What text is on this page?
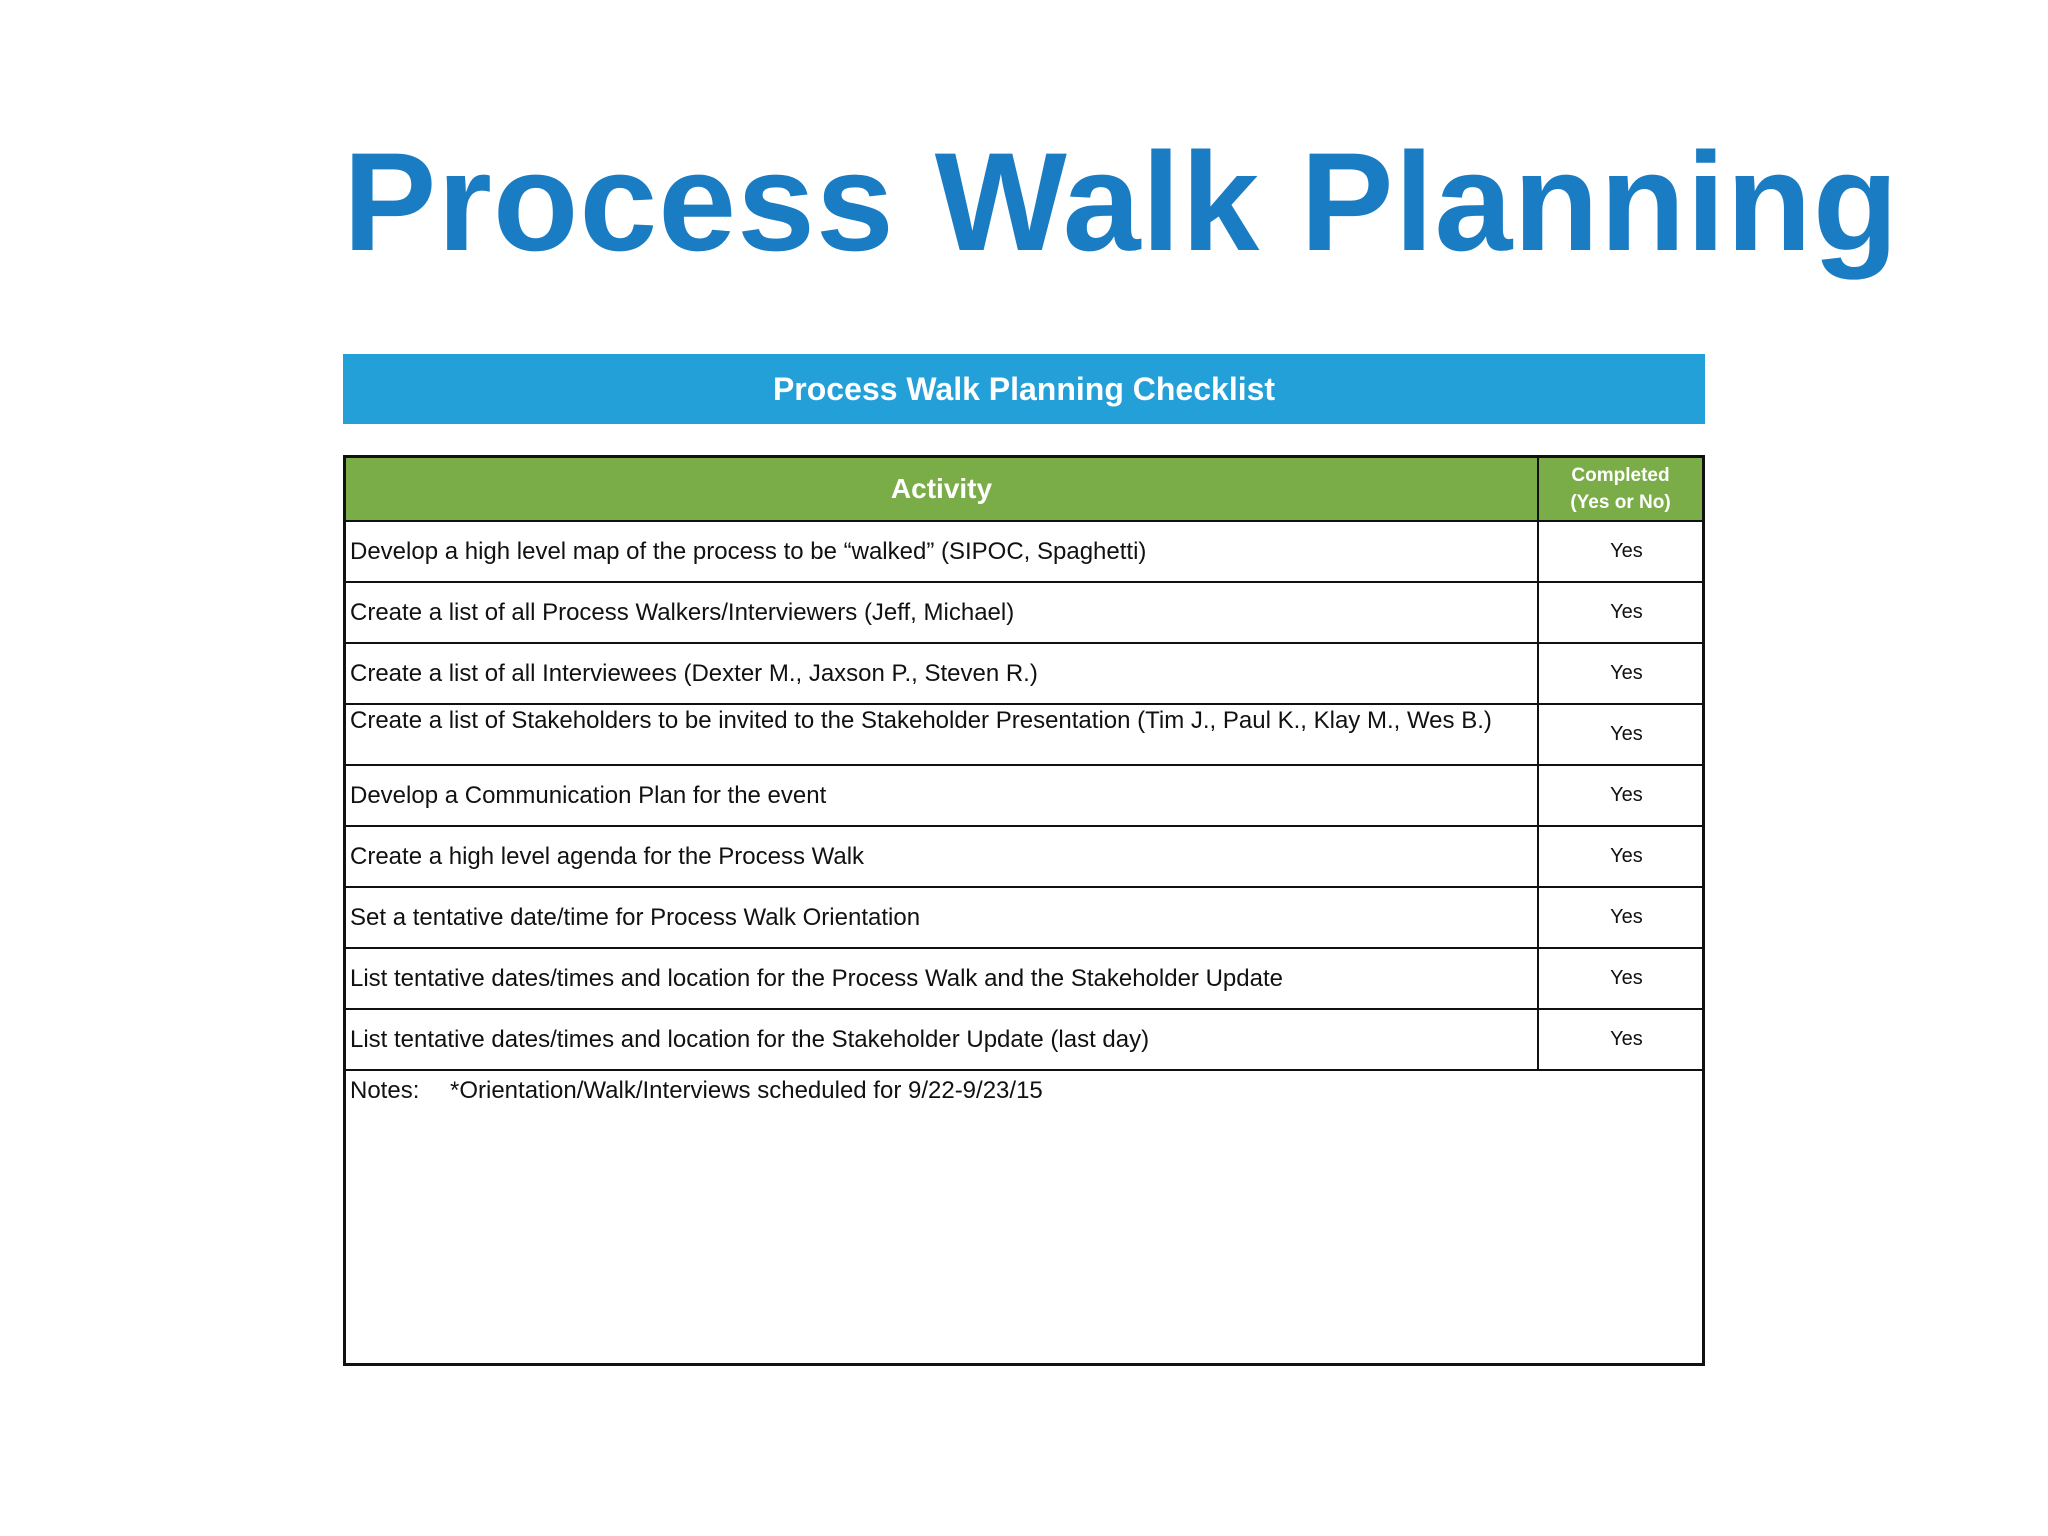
Process Walk Planning
Process Walk Planning Checklist
Activity	Completed
(Yes or No)
Develop a high level map of the process to be “walked” (SIPOC, Spaghetti)	Yes
Create a list of all Process Walkers/Interviewers (Jeff, Michael)	Yes
Create a list of all Interviewees (Dexter M., Jaxson P., Steven R.)	Yes
Create a list of Stakeholders to be invited to the Stakeholder Presentation (Tim J., Paul K., Klay M., Wes B.)	Yes
Develop a Communication Plan for the event	Yes
Create a high level agenda for the Process Walk	Yes
Set a tentative date/time for Process Walk Orientation	Yes
List tentative dates/times and location for the Process Walk and the Stakeholder Update	Yes
List tentative dates/times and location for the Stakeholder Update (last day)	Yes
Notes: *Orientation/Walk/Interviews scheduled for 9/22-9/23/15
